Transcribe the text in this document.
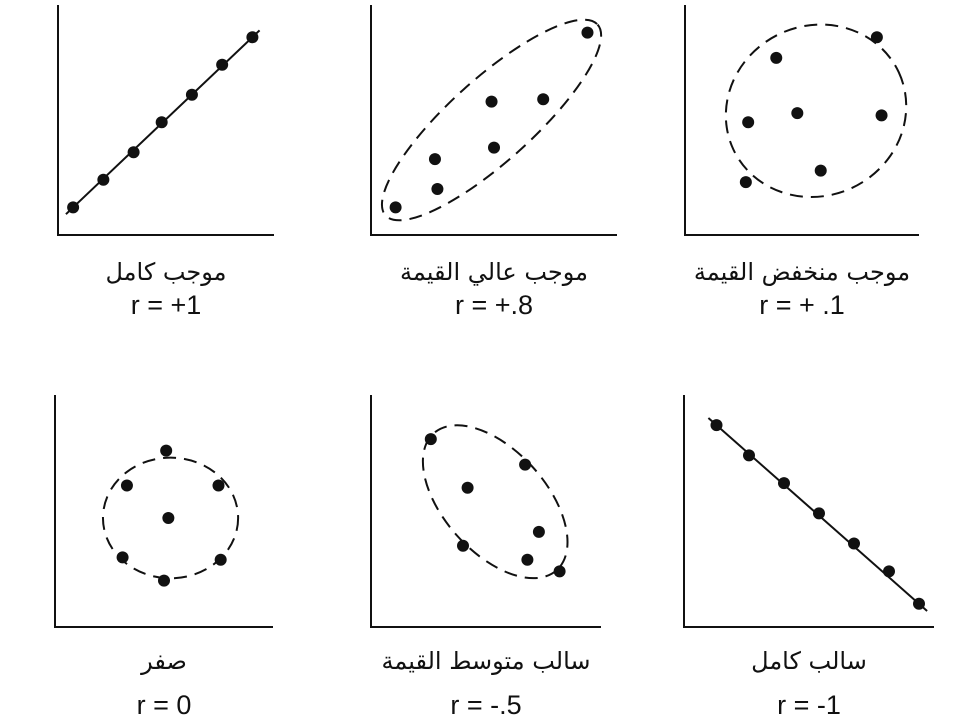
موجب كامل
r = +1
موجب عالي القيمة
r = +.8
موجب منخفض القيمة
r = + .1
صفر
r = 0
سالب متوسط القيمة
r = -.5
سالب كامل
r = -1
